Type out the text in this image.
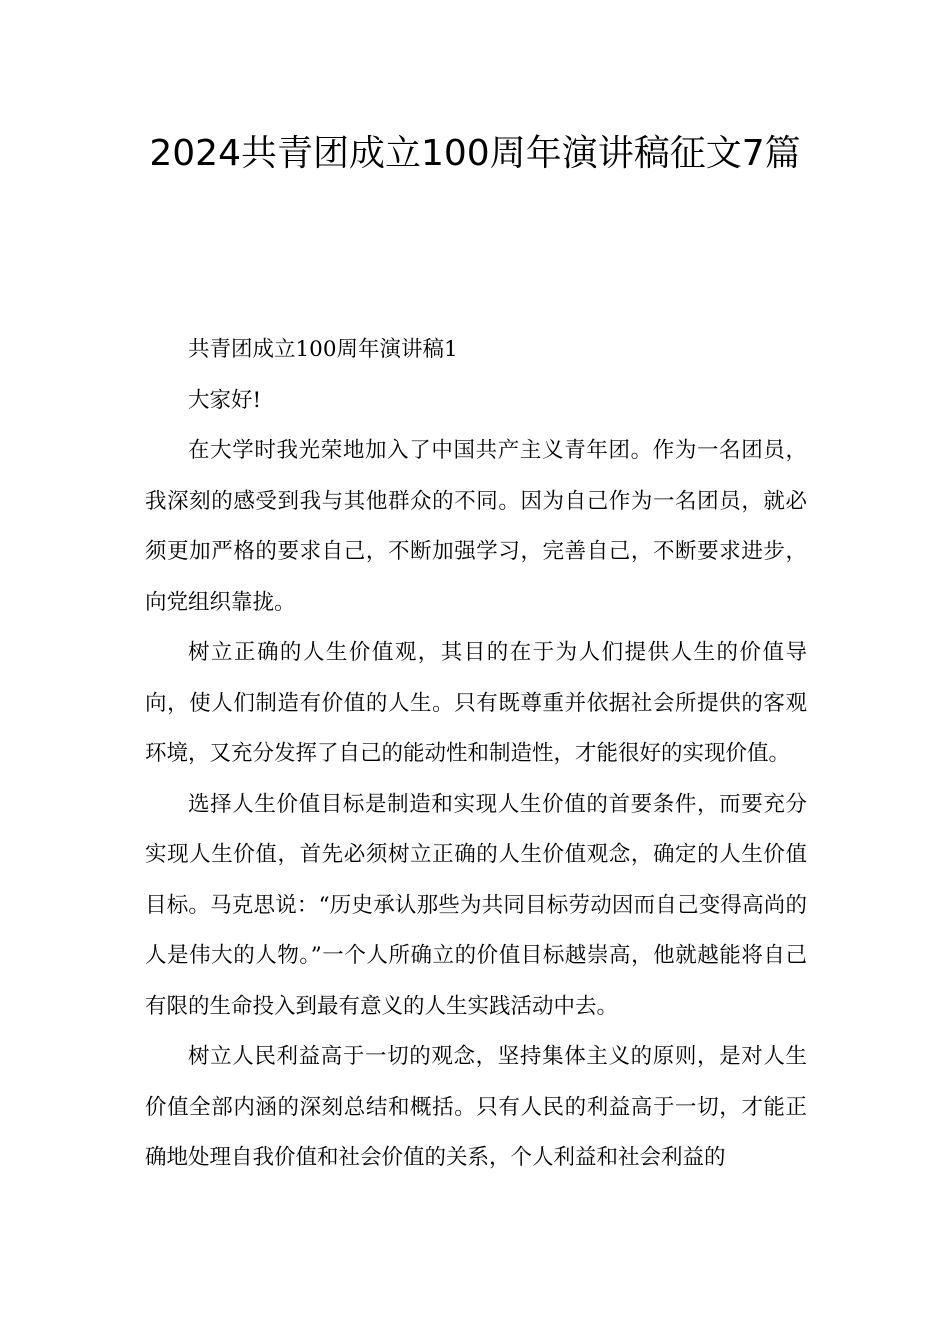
2024共青团成立100周年演讲稿征文7篇

共青团成立100周年演讲稿1

大家好!

在大学时我光荣地加入了中国共产主义青年团。作为一名团员，我深刻的感受到我与其他群众的不同。因为自己作为一名团员，就必须更加严格的要求自己，不断加强学习，完善自己，不断要求进步，向党组织靠拢。

树立正确的人生价值观，其目的在于为人们提供人生的价值导向，使人们制造有价值的人生。只有既尊重并依据社会所提供的客观环境，又充分发挥了自己的能动性和制造性，才能很好的实现价值。

选择人生价值目标是制造和实现人生价值的首要条件，而要充分实现人生价值，首先必须树立正确的人生价值观念，确定的人生价值目标。马克思说：“历史承认那些为共同目标劳动因而自己变得高尚的人是伟大的人物。”一个人所确立的价值目标越崇高，他就越能将自己有限的生命投入到最有意义的人生实践活动中去。

树立人民利益高于一切的观念，坚持集体主义的原则，是对人生价值全部内涵的深刻总结和概括。只有人民的利益高于一切，才能正确地处理自我价值和社会价值的关系，个人利益和社会利益的
